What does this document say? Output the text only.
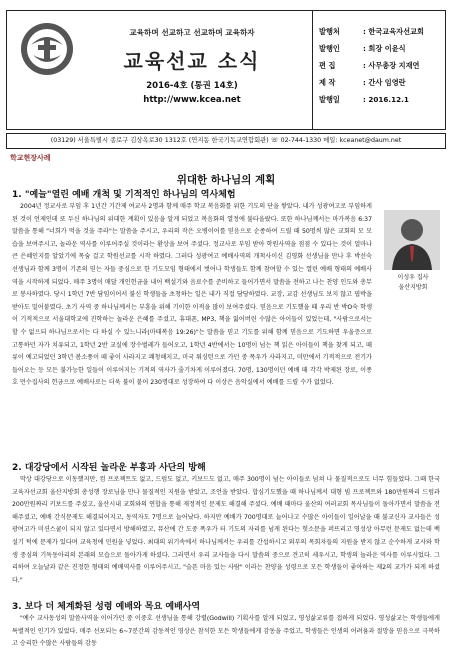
교육하며 선교하고 선교하며 교육하자
교육선교 소식
2016-4호 (통권 14호)
http://www.kcea.net
발행처	: 한국교육자선교회
발행인	: 회장 이윤식
편 집	: 사무총장 지재연
제 작	: 간사 임영란
발행일	: 2016.12.1
(03129) 서울특별시 종로구 김상옥로30 1312호 (연지동 한국기독교연합회관) ☏ 02-744-1330 메일: kceanet@daum.net
학교현장사례
위대한 하나님의 계획
1. "예늘"열린 예배 개척 및 기적적인 하나님의 역사체험

2004년 정교사로 부임 후 1년간 기간제 여교사 2명과 함께 매주 학교 복음화를 위한 기도의 단을 쌓았다. 내가 성광여고로 부임하게 된 것이 언제인데 또 두신 하나님의 위대한 계획이 있음을 알게 되었고 복음화의 열정에 불타올랐다. 또한 하나님께서는 마가복음 6:37 말씀을 통해 "너희가 먹을 것을 주라"는 말씀을 주시고, 우리의 작은 오병이어를 믿음으로 순종하여 드릴 때 50명씩 많은 교회의 모 모습을 보여주시고, 놀라운 역사를 이루어주실 것이라는 환상을 보여 주셨다. 정교사로 부임 받아 학원사역을 점점 수 있다는 것이 얼마나 큰 은혜인지를 알았기에 목숨 걸고 학원선교를 시작 하였다. 그러다 성광여고 예배사역의 개척사이신 김영화 선생님을 만나 후 박선숙 선생님과 함께 3명이 기존의 믿는 자들 중심으로 한 기도모임 형태에서 벗어나 학생들도 함께 참여할 수 있는 열린 예배 형태의 예배사역을 시작하게 되었다. 매주 3명이 매달 개인헌금을 내어 백설기와 음료수를 준비하고 들어가면서 말씀을 전하고 나는 찬양 인도와 총무로 봉사하였다. 당시 1학년 7반 담임이어서 불신 학생들을 초청하는 일은 내가 직접 담당하였다. 교장, 교감 선생님도 보지 않고 핍박을 받아도 밀어붙였다. 초기 사역 중 하나님께서는 부흥을 위해 기이한 이적을 많이 보여주셨다. 믿음으로 기도했을 때 우리 반 박O숙 학생이 기적적으로 서울대학교에 진학하는 놀라운 은혜를 주셨고, 휴대폰, MP3, 책을 잃어버린 수많은 아이들이 있었는데, "사람으로서는 할 수 없으되 하나님으로서는 다 하실 수 있느니라(마태복음 19:26)"는 말씀을 믿고 기도를 위해 함께 믿음으로 기도하면 우울증으로 고통하던 자가 치유되고, 1학년 2반 교실에 장수벌레가 들어오고, 1학년 4반에서는 10명이 넘는 책 읽은 아이들이 책을 찾게 되고, 때류이 예고되었던 3학년 봄소풍이 때 좋이 사라지고 쾌청해지고, 미국 워싱턴으로 가던 중 폭우가 사라지고, 미만에서 기적적으로 전기가 들어오는 등 모든 불가능한 일들이 이루어지는 기적의 역사가 줄기차게 이루어졌다. 70명, 130명이던 예배 때 각각 박제된 장로, 이종호 먼수집사의 헌금으로 예배사로는 더욱 불이 붙어 230명대로 성장하여 다 이상은 음악실에서 예배를 드릴 수가 없었다.

이성우 집사
울산지방회
2. 대강당에서 시작된 놀라운 부흥과 사단의 방해

막상 대강당으로 이동했지만, 컴 프로젝트도 없고, 드럼도 없고, 키보드도 없고, 매주 300명이 넘는 아이들로 넘쳐 나 물질적으로도 너무 힘들었다. 그때 한국교육자선교회 울산지방회 총성행 장로님을 만나 물질적인 지원을 받았고, 조언을 받았다. 합심기도했을 때 하나님께서 대형 빔 프로젝트와 180만원짜리 드럼과 200만원짜리 키보드를 주셨고, 울산시내 교회와의 연합을 통해 재정적인 문제도 해결해 주셨다. 예배 때마다 울산의 여러교회 목사님들이 돌아가면서 말씀을 전해주셨고, 예배 간식문제도 해결되어지고, 동역자도 7명으로 늘어났다. 하지만 예배가 700명대로 늘어나고 수많은 아이들이 일어날을 때 불교신자 교사들은 성광여고가 미션스쿨이 되지 않고 있다면서 방해하였고, 뮤산에 간 도중 폭우가 터 기도의 자리를 넘게 된다는 헛소문을 퍼뜨리고 영성상 아무런 문제도 없는데 백설기 턱에 문제가 있다며 교육청에 민원을 넣었다. 최대의 위기속에서 하나님께서는 우리를 간섭하시고 외부의 목회자들의 지원을 받지 않고 순수하게 교사와 학생 중심의 기독동아리의 본래의 모습으로 돌아가게 하셨다. 그러면서 우리 교사들을 다시 말씀의 중으로 견고히 세우시고, 학생의 놀라운 역사를 이루시었다. 그리하여 오늘날과 같은 진정한 형태의 예배역사를 이루어주시고, "슬픈 마음 있는 사람" 이라는 찬양을 성령으로 모든 학생들이 좋아하는 제2의 교가가 되게 하셨다."

3. 보다 더 체계화된 성령 예배와 목요 예배사역

"예수 교사동성의 말씀사역을 이어가던 중 이중호 선생님을 통해 강렬(Godwill) 기획사를 알게 되었고, 영성삶교류를 접하게 되었다. 영성삶교는 학생들에게 특별적인 인기가 있었다. 매주 선포되는 6~7분간의 감동적인 영상은 참석한 모든 학생들에게 감동을 주었고, 학생들은 인생의 어려움과 절망을 믿음으로 극복하고 승리한 수많은 사람들의 감동
